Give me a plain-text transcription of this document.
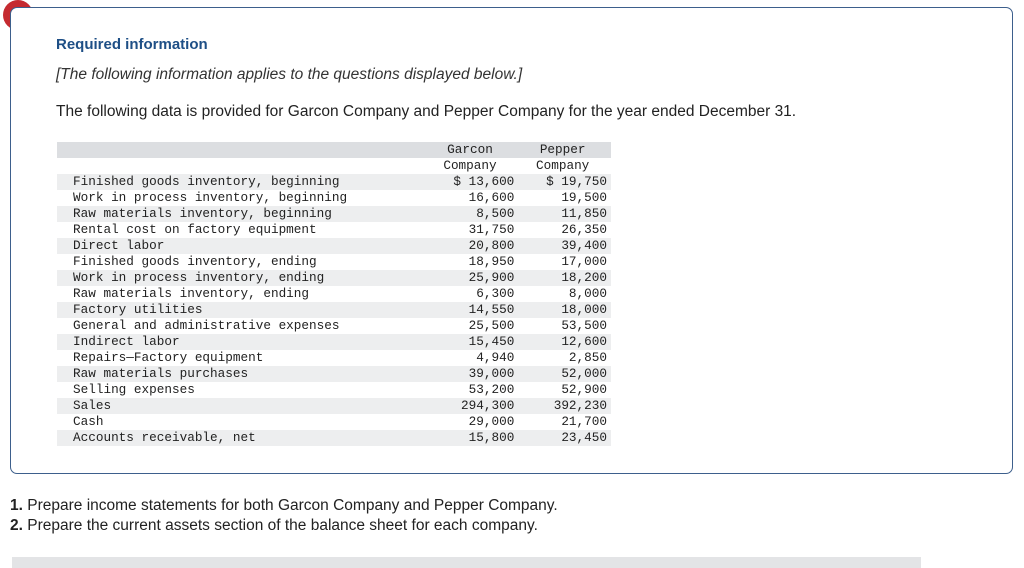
Required information
[The following information applies to the questions displayed below.]
The following data is provided for Garcon Company and Pepper Company for the year ended December 31.
	Garcon	Pepper
	Company	Company
Finished goods inventory, beginning	$ 13,600	$ 19,750
Work in process inventory, beginning	16,600	19,500
Raw materials inventory, beginning	8,500	11,850
Rental cost on factory equipment	31,750	26,350
Direct labor	20,800	39,400
Finished goods inventory, ending	18,950	17,000
Work in process inventory, ending	25,900	18,200
Raw materials inventory, ending	6,300	8,000
Factory utilities	14,550	18,000
General and administrative expenses	25,500	53,500
Indirect labor	15,450	12,600
Repairs—Factory equipment	4,940	2,850
Raw materials purchases	39,000	52,000
Selling expenses	53,200	52,900
Sales	294,300	392,230
Cash	29,000	21,700
Accounts receivable, net	15,800	23,450
1. Prepare income statements for both Garcon Company and Pepper Company.
2. Prepare the current assets section of the balance sheet for each company.
